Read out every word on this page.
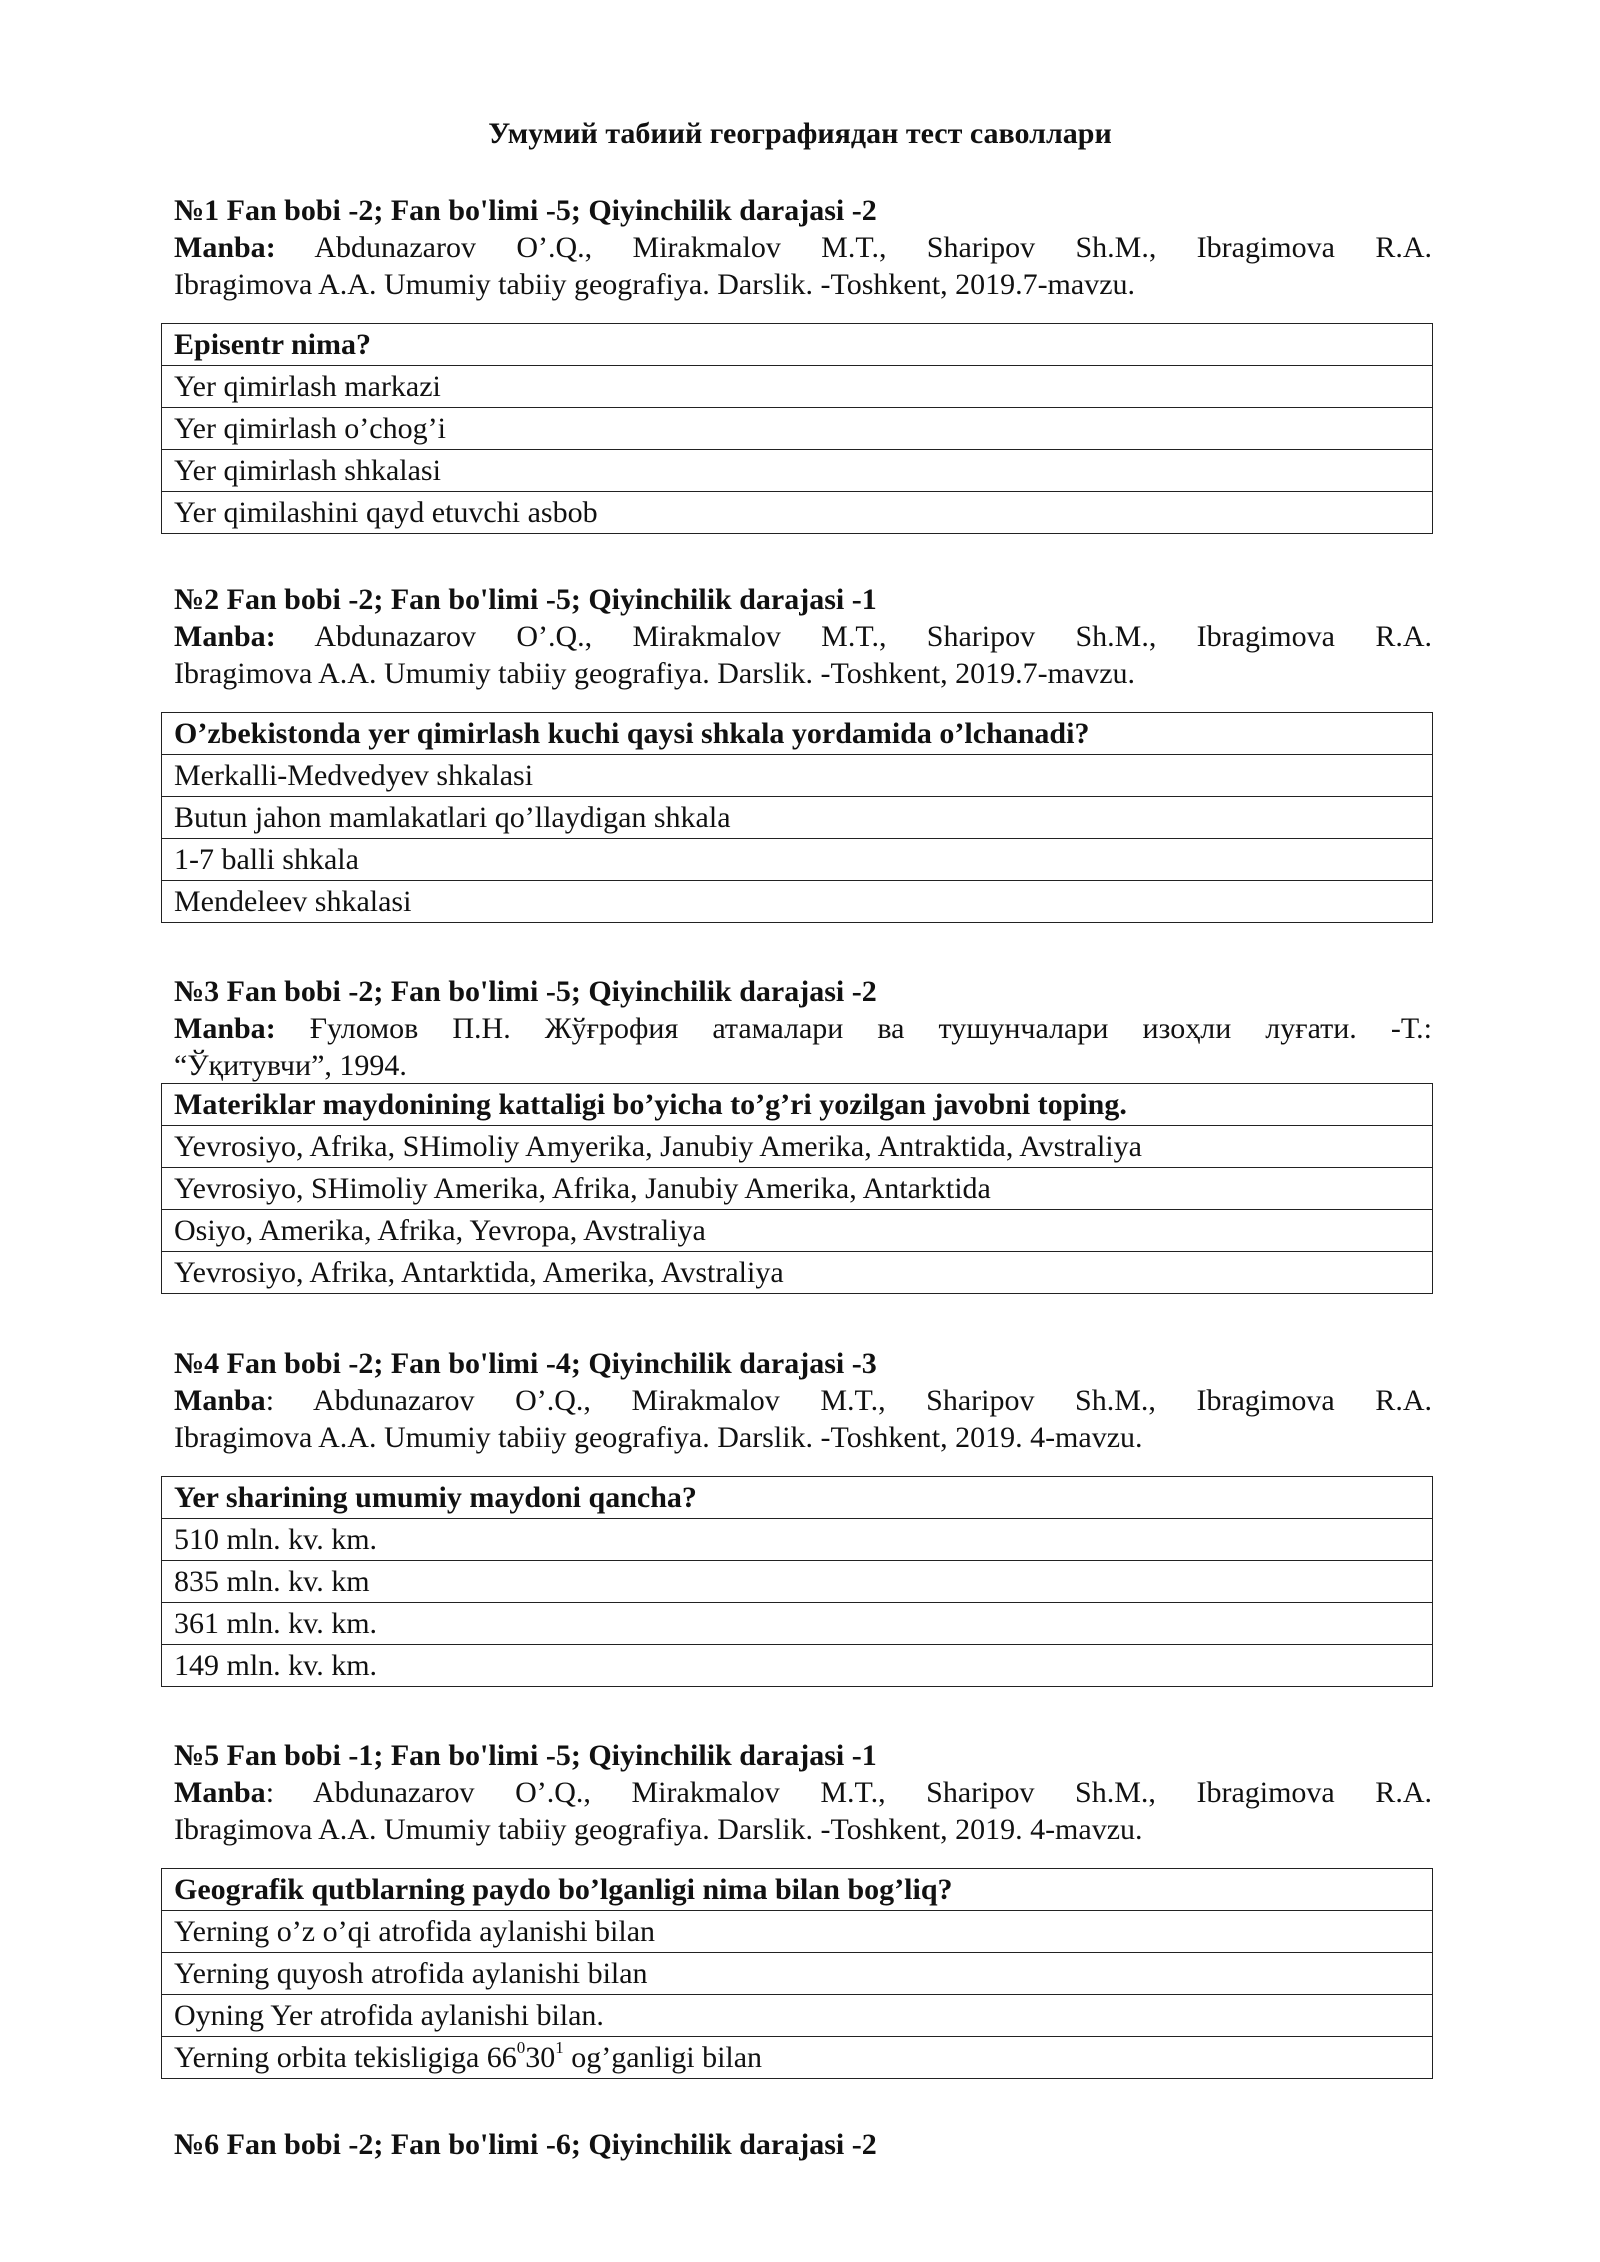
Умумий табиий географиядан тест саволлари
№1 Fan bobi -2; Fan bo'limi -5; Qiyinchilik darajasi -2
Manba: Abdunazarov O’.Q., Mirakmalov M.T., Sharipov Sh.M., Ibragimova R.A.
Ibragimova A.A. Umumiy tabiiy geografiya. Darslik. -Toshkent, 2019.7-mavzu.
Episentr nima?
Yer qimirlash markazi
Yer qimirlash o’chog’i
Yer qimirlash shkalasi
Yer qimilashini qayd etuvchi asbob
№2 Fan bobi -2; Fan bo'limi -5; Qiyinchilik darajasi -1
Manba: Abdunazarov O’.Q., Mirakmalov M.T., Sharipov Sh.M., Ibragimova R.A.
Ibragimova A.A. Umumiy tabiiy geografiya. Darslik. -Toshkent, 2019.7-mavzu.
O’zbekistonda yer qimirlash kuchi qaysi shkala yordamida o’lchanadi?
Merkalli-Medvedyev shkalasi
Butun jahon mamlakatlari qo’llaydigan shkala
1-7 balli shkala
Mendeleev shkalasi
№3 Fan bobi -2; Fan bo'limi -5; Qiyinchilik darajasi -2
Manba: Ғуломов П.Н. Жўғрофия атамалари ва тушунчалари изоҳли луғати. -Т.:
“Ўқитувчи”, 1994.
Materiklar maydonining kattaligi bo’yicha to’g’ri yozilgan javobni toping.
Yevrosiyo, Afrika, SHimoliy Amyerika, Janubiy Amerika, Antraktida, Avstraliya
Yevrosiyo, SHimoliy Amerika, Afrika, Janubiy Amerika, Antarktida
Osiyo, Amerika, Afrika, Yevropa, Avstraliya
Yevrosiyo, Afrika, Antarktida, Amerika, Avstraliya
№4 Fan bobi -2; Fan bo'limi -4; Qiyinchilik darajasi -3
Manba: Abdunazarov O’.Q., Mirakmalov M.T., Sharipov Sh.M., Ibragimova R.A.
Ibragimova A.A. Umumiy tabiiy geografiya. Darslik. -Toshkent, 2019. 4-mavzu.
Yer sharining umumiy maydoni qancha?
510 mln. kv. km.
835 mln. kv. km
361 mln. kv. km.
149 mln. kv. km.
№5 Fan bobi -1; Fan bo'limi -5; Qiyinchilik darajasi -1
Manba: Abdunazarov O’.Q., Mirakmalov M.T., Sharipov Sh.M., Ibragimova R.A.
Ibragimova A.A. Umumiy tabiiy geografiya. Darslik. -Toshkent, 2019. 4-mavzu.
Geografik qutblarning paydo bo’lganligi nima bilan bog’liq?
Yerning o’z o’qi atrofida aylanishi bilan
Yerning quyosh atrofida aylanishi bilan
Oyning Yer atrofida aylanishi bilan.
Yerning orbita tekisligiga $66^030^1$ og’ganligi bilan
№6 Fan bobi -2; Fan bo'limi -6; Qiyinchilik darajasi -2
